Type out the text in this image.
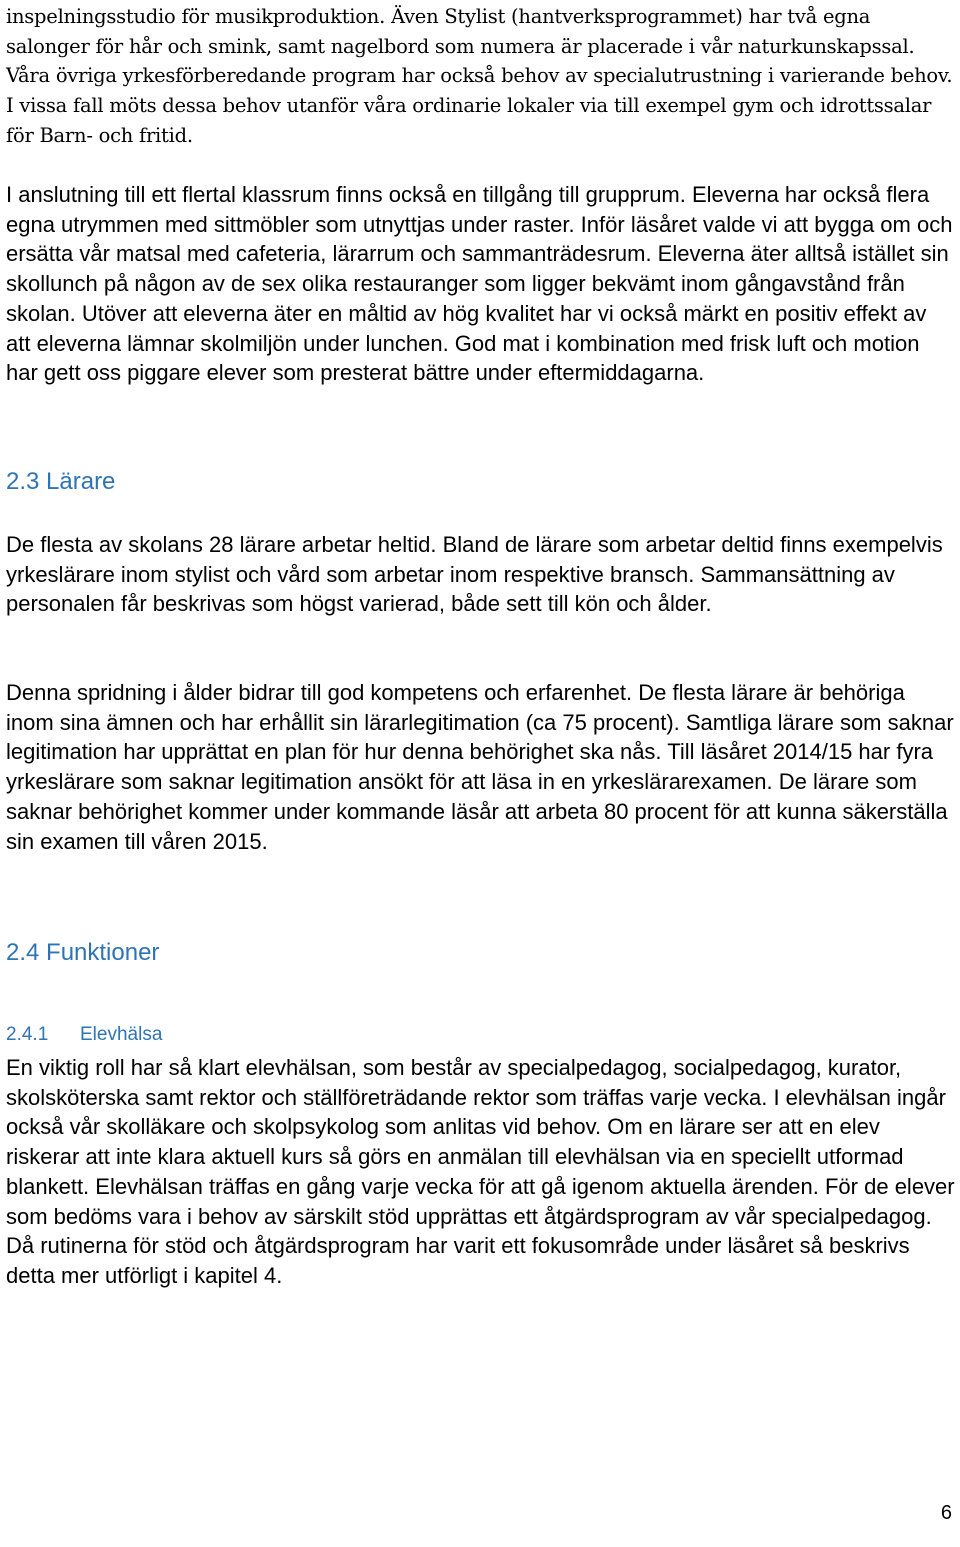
inspelningsstudio för musikproduktion. Även Stylist (hantverksprogrammet) har två egna salonger för hår och smink, samt nagelbord som numera är placerade i vår naturkunskapssal. Våra övriga yrkesförberedande program har också behov av specialutrustning i varierande behov. I vissa fall möts dessa behov utanför våra ordinarie lokaler via till exempel gym och idrottssalar för Barn- och fritid.

I anslutning till ett flertal klassrum finns också en tillgång till grupprum. Eleverna har också flera egna utrymmen med sittmöbler som utnyttjas under raster. Inför läsåret valde vi att bygga om och ersätta vår matsal med cafeteria, lärarrum och sammanträdesrum. Eleverna äter alltså istället sin skollunch på någon av de sex olika restauranger som ligger bekvämt inom gångavstånd från skolan. Utöver att eleverna äter en måltid av hög kvalitet har vi också märkt en positiv effekt av att eleverna lämnar skolmiljön under lunchen. God mat i kombination med frisk luft och motion har gett oss piggare elever som presterat bättre under eftermiddagarna.

2.3 Lärare

De flesta av skolans 28 lärare arbetar heltid. Bland de lärare som arbetar deltid finns exempelvis yrkeslärare inom stylist och vård som arbetar inom respektive bransch. Sammansättning av personalen får beskrivas som högst varierad, både sett till kön och ålder.

Denna spridning i ålder bidrar till god kompetens och erfarenhet. De flesta lärare är behöriga inom sina ämnen och har erhållit sin lärarlegitimation (ca 75 procent). Samtliga lärare som saknar legitimation har upprättat en plan för hur denna behörighet ska nås. Till läsåret 2014/15 har fyra yrkeslärare som saknar legitimation ansökt för att läsa in en yrkeslärarexamen. De lärare som saknar behörighet kommer under kommande läsår att arbeta 80 procent för att kunna säkerställa sin examen till våren 2015.

2.4 Funktioner
2.4.1 Elevhälsa

En viktig roll har så klart elevhälsan, som består av specialpedagog, socialpedagog, kurator, skolsköterska samt rektor och ställföreträdande rektor som träffas varje vecka. I elevhälsan ingår också vår skolläkare och skolpsykolog som anlitas vid behov. Om en lärare ser att en elev riskerar att inte klara aktuell kurs så görs en anmälan till elevhälsan via en speciellt utformad blankett. Elevhälsan träffas en gång varje vecka för att gå igenom aktuella ärenden. För de elever som bedöms vara i behov av särskilt stöd upprättas ett åtgärdsprogram av vår specialpedagog. Då rutinerna för stöd och åtgärdsprogram har varit ett fokusområde under läsåret så beskrivs detta mer utförligt i kapitel 4.

6
